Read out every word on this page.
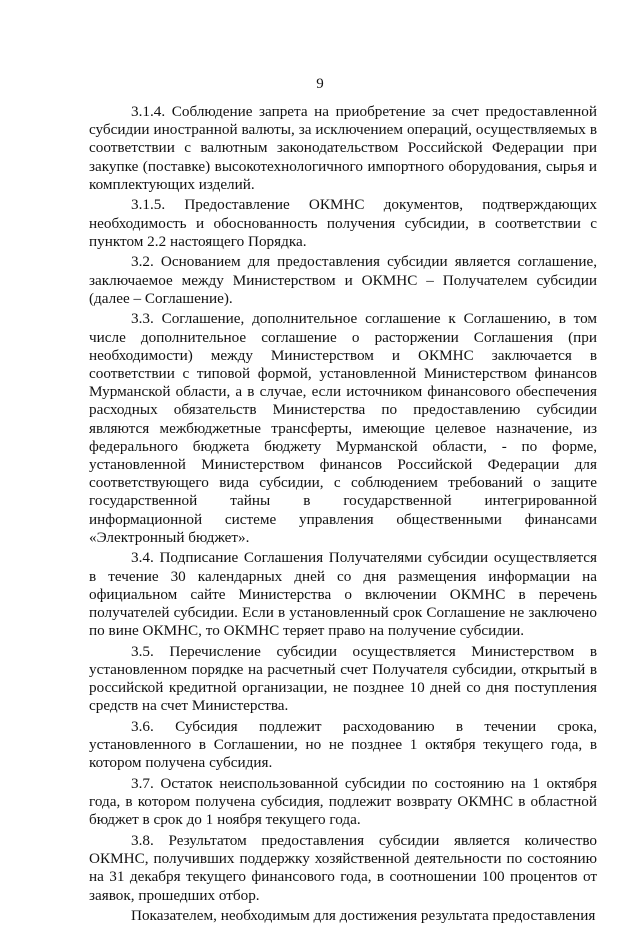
9

3.1.4. Соблюдение запрета на приобретение за счет предоставленной субсидии иностранной валюты, за исключением операций, осуществляемых в соответствии с валютным законодательством Российской Федерации при закупке (поставке) высокотехнологичного импортного оборудования, сырья и комплектующих изделий.

3.1.5. Предоставление ОКМНС документов, подтверждающих необходимость и обоснованность получения субсидии, в соответствии с пунктом 2.2 настоящего Порядка.

3.2. Основанием для предоставления субсидии является соглашение, заключаемое между Министерством и ОКМНС – Получателем субсидии (далее – Соглашение).

3.3. Соглашение, дополнительное соглашение к Соглашению, в том числе дополнительное соглашение о расторжении Соглашения (при необходимости) между Министерством и ОКМНС заключается в соответствии с типовой формой, установленной Министерством финансов Мурманской области, а в случае, если источником финансового обеспечения расходных обязательств Министерства по предоставлению субсидии являются межбюджетные трансферты, имеющие целевое назначение, из федерального бюджета бюджету Мурманской области, - по форме, установленной Министерством финансов Российской Федерации для соответствующего вида субсидии, с соблюдением требований о защите государственной тайны в государственной интегрированной информационной системе управления общественными финансами «Электронный бюджет».

3.4. Подписание Соглашения Получателями субсидии осуществляется в течение 30 календарных дней со дня размещения информации на официальном сайте Министерства о включении ОКМНС в перечень получателей субсидии. Если в установленный срок Соглашение не заключено по вине ОКМНС, то ОКМНС теряет право на получение субсидии.

3.5. Перечисление субсидии осуществляется Министерством в установленном порядке на расчетный счет Получателя субсидии, открытый в российской кредитной организации, не позднее 10 дней со дня поступления средств на счет Министерства.

3.6. Субсидия подлежит расходованию в течении срока, установленного в Соглашении, но не позднее 1 октября текущего года, в котором получена субсидия.

3.7. Остаток неиспользованной субсидии по состоянию на 1 октября года, в котором получена субсидия, подлежит возврату ОКМНС в областной бюджет в срок до 1 ноября текущего года.

3.8. Результатом предоставления субсидии является количество ОКМНС, получивших поддержку хозяйственной деятельности по состоянию на 31 декабря текущего финансового года, в соотношении 100 процентов от заявок, прошедших отбор.

Показателем, необходимым для достижения результата предоставления
